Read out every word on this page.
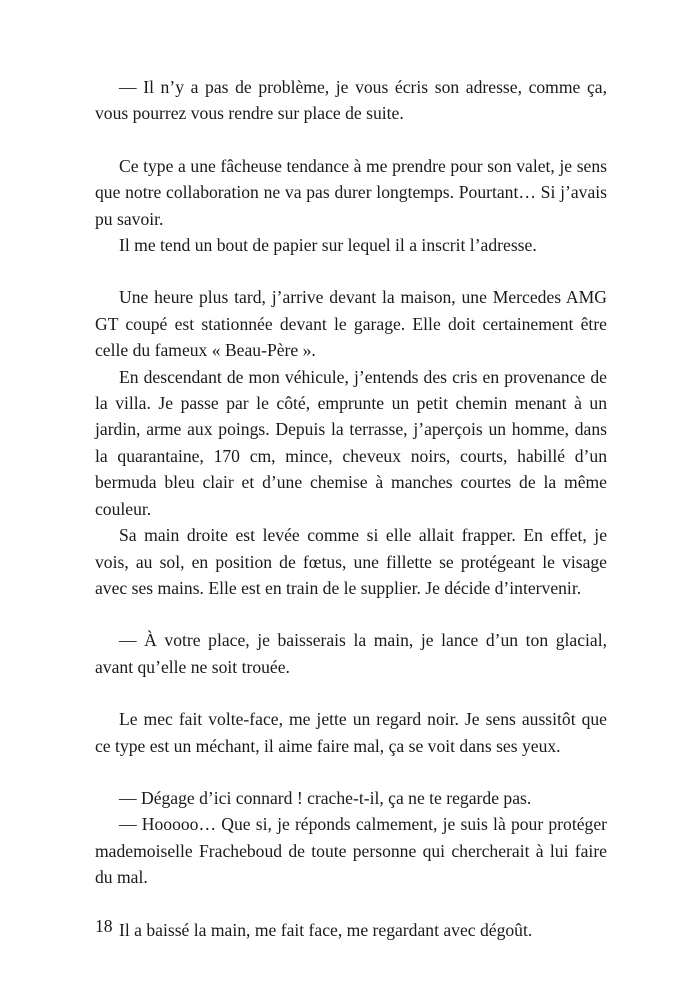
— Il n’y a pas de problème, je vous écris son adresse, comme ça, vous pourrez vous rendre sur place de suite.

Ce type a une fâcheuse tendance à me prendre pour son valet, je sens que notre collaboration ne va pas durer longtemps. Pourtant… Si j’avais pu savoir.

Il me tend un bout de papier sur lequel il a inscrit l’adresse.

Une heure plus tard, j’arrive devant la maison, une Mercedes AMG GT coupé est stationnée devant le garage. Elle doit certainement être celle du fameux « Beau-Père ».

En descendant de mon véhicule, j’entends des cris en provenance de la villa. Je passe par le côté, emprunte un petit chemin menant à un jardin, arme aux poings. Depuis la terrasse, j’aperçois un homme, dans la quarantaine, 170 cm, mince, cheveux noirs, courts, habillé d’un bermuda bleu clair et d’une chemise à manches courtes de la même couleur.

Sa main droite est levée comme si elle allait frapper. En effet, je vois, au sol, en position de fœtus, une fillette se protégeant le visage avec ses mains. Elle est en train de le supplier. Je décide d’intervenir.

— À votre place, je baisserais la main, je lance d’un ton glacial, avant qu’elle ne soit trouée.

Le mec fait volte-face, me jette un regard noir. Je sens aussitôt que ce type est un méchant, il aime faire mal, ça se voit dans ses yeux.

— Dégage d’ici connard ! crache-t-il, ça ne te regarde pas.

— Hooooo… Que si, je réponds calmement, je suis là pour protéger mademoiselle Fracheboud de toute personne qui chercherait à lui faire du mal.

Il a baissé la main, me fait face, me regardant avec dégoût.

18
